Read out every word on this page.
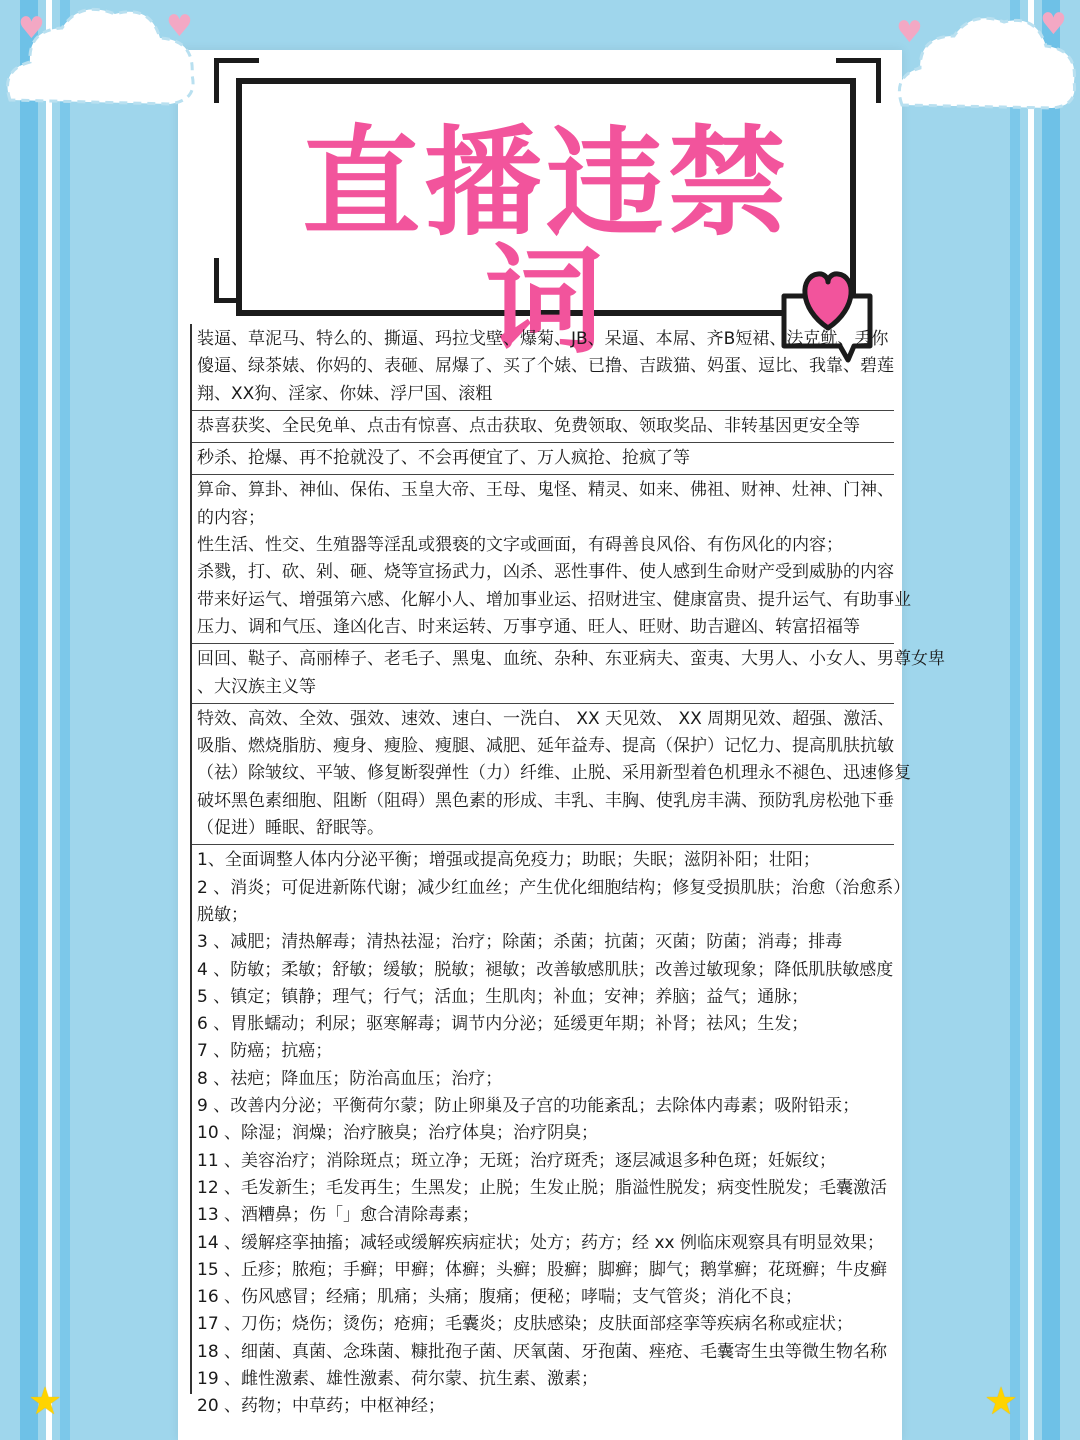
♥	♥	♥	♥
直播违禁词
装逼、草泥马、特么的、撕逼、玛拉戈壁、爆菊、JB、呆逼、本屌、齐B短裙、法克鱿、丢你
傻逼、绿茶婊、你妈的、表砸、屌爆了、买了个婊、已撸、吉跋猫、妈蛋、逗比、我靠、碧莲
翔、XX狗、淫家、你妹、浮尸国、滚粗
恭喜获奖、全民免单、点击有惊喜、点击获取、免费领取、领取奖品、非转基因更安全等
秒杀、抢爆、再不抢就没了、不会再便宜了、万人疯抢、抢疯了等
算命、算卦、神仙、保佑、玉皇大帝、王母、鬼怪、精灵、如来、佛祖、财神、灶神、门神、
的内容；
性生活、性交、生殖器等淫乱或猥亵的文字或画面，有碍善良风俗、有伤风化的内容；
杀戮，打、砍、剁、砸、烧等宣扬武力，凶杀、恶性事件、使人感到生命财产受到威胁的内容
带来好运气、增强第六感、化解小人、增加事业运、招财进宝、健康富贵、提升运气、有助事业
压力、调和气压、逢凶化吉、时来运转、万事亨通、旺人、旺财、助吉避凶、转富招福等
回回、鞑子、高丽棒子、老毛子、黑鬼、血统、杂种、东亚病夫、蛮夷、大男人、小女人、男尊女卑
、大汉族主义等
特效、高效、全效、强效、速效、速白、一洗白、 XX 天见效、 XX 周期见效、超强、激活、
吸脂、燃烧脂肪、瘦身、瘦脸、瘦腿、减肥、延年益寿、提高（保护）记忆力、提高肌肤抗敏
（祛）除皱纹、平皱、修复断裂弹性（力）纤维、止脱、采用新型着色机理永不褪色、迅速修复
破坏黑色素细胞、阻断（阻碍）黑色素的形成、丰乳、丰胸、使乳房丰满、预防乳房松弛下垂
（促进）睡眠、舒眠等。
1、全面调整人体内分泌平衡；增强或提高免疫力；助眠；失眠；滋阴补阳；壮阳；
2 、消炎；可促进新陈代谢；减少红血丝；产生优化细胞结构；修复受损肌肤；治愈（治愈系）
脱敏；
3 、减肥；清热解毒；清热祛湿；治疗；除菌；杀菌；抗菌；灭菌；防菌；消毒；排毒
4 、防敏；柔敏；舒敏；缓敏；脱敏；褪敏；改善敏感肌肤；改善过敏现象；降低肌肤敏感度
5 、镇定；镇静；理气；行气；活血；生肌肉；补血；安神；养脑；益气；通脉；
6 、胃胀蠕动；利尿；驱寒解毒；调节内分泌；延缓更年期；补肾；祛风；生发；
7 、防癌；抗癌；
8 、祛疤；降血压；防治高血压；治疗；
9 、改善内分泌；平衡荷尔蒙；防止卵巢及子宫的功能紊乱；去除体内毒素；吸附铅汞；
10 、除湿；润燥；治疗腋臭；治疗体臭；治疗阴臭；
11 、美容治疗；消除斑点；斑立净；无斑；治疗斑秃；逐层减退多种色斑；妊娠纹；
12 、毛发新生；毛发再生；生黑发；止脱；生发止脱；脂溢性脱发；病变性脱发；毛囊激活
13 、酒糟鼻；伤「」愈合清除毒素；
14 、缓解痉挛抽搐；减轻或缓解疾病症状；处方；药方；经 xx 例临床观察具有明显效果；
15 、丘疹；脓疱；手癣；甲癣；体癣；头癣；股癣；脚癣；脚气；鹅掌癣；花斑癣；牛皮癣
16 、伤风感冒；经痛；肌痛；头痛；腹痛；便秘；哮喘；支气管炎；消化不良；
17 、刀伤；烧伤；烫伤；疮痈；毛囊炎；皮肤感染；皮肤面部痉挛等疾病名称或症状；
18 、细菌、真菌、念珠菌、糠批孢子菌、厌氧菌、牙孢菌、痤疮、毛囊寄生虫等微生物名称
19 、雌性激素、雄性激素、荷尔蒙、抗生素、激素；
20 、药物；中草药；中枢神经；
★	★
